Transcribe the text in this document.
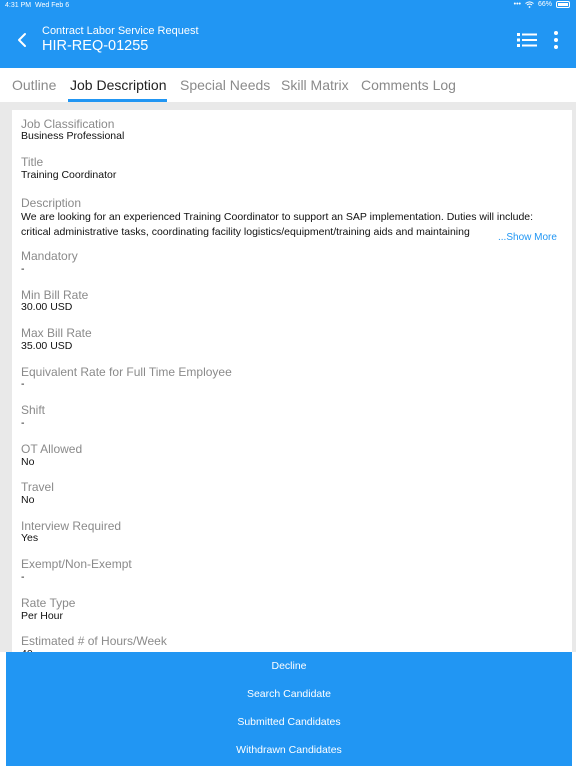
4:31 PM Wed Feb 6	••• 66%
Contract Labor Service Request
HIR-REQ-01255
Outline Job Description Special Needs Skill Matrix Comments Log
Job Classification
Business Professional
Title
Training Coordinator
Description
We are looking for an experienced Training Coordinator to support an SAP implementation. Duties will include: critical administrative tasks, coordinating facility logistics/equipment/training aids and maintaining	...Show More
Mandatory
-
Min Bill Rate
30.00 USD
Max Bill Rate
35.00 USD
Equivalent Rate for Full Time Employee
-
Shift
-
OT Allowed
No
Travel
No
Interview Required
Yes
Exempt/Non-Exempt
-
Rate Type
Per Hour
Estimated # of Hours/Week
Decline
Search Candidate
Submitted Candidates
Withdrawn Candidates
